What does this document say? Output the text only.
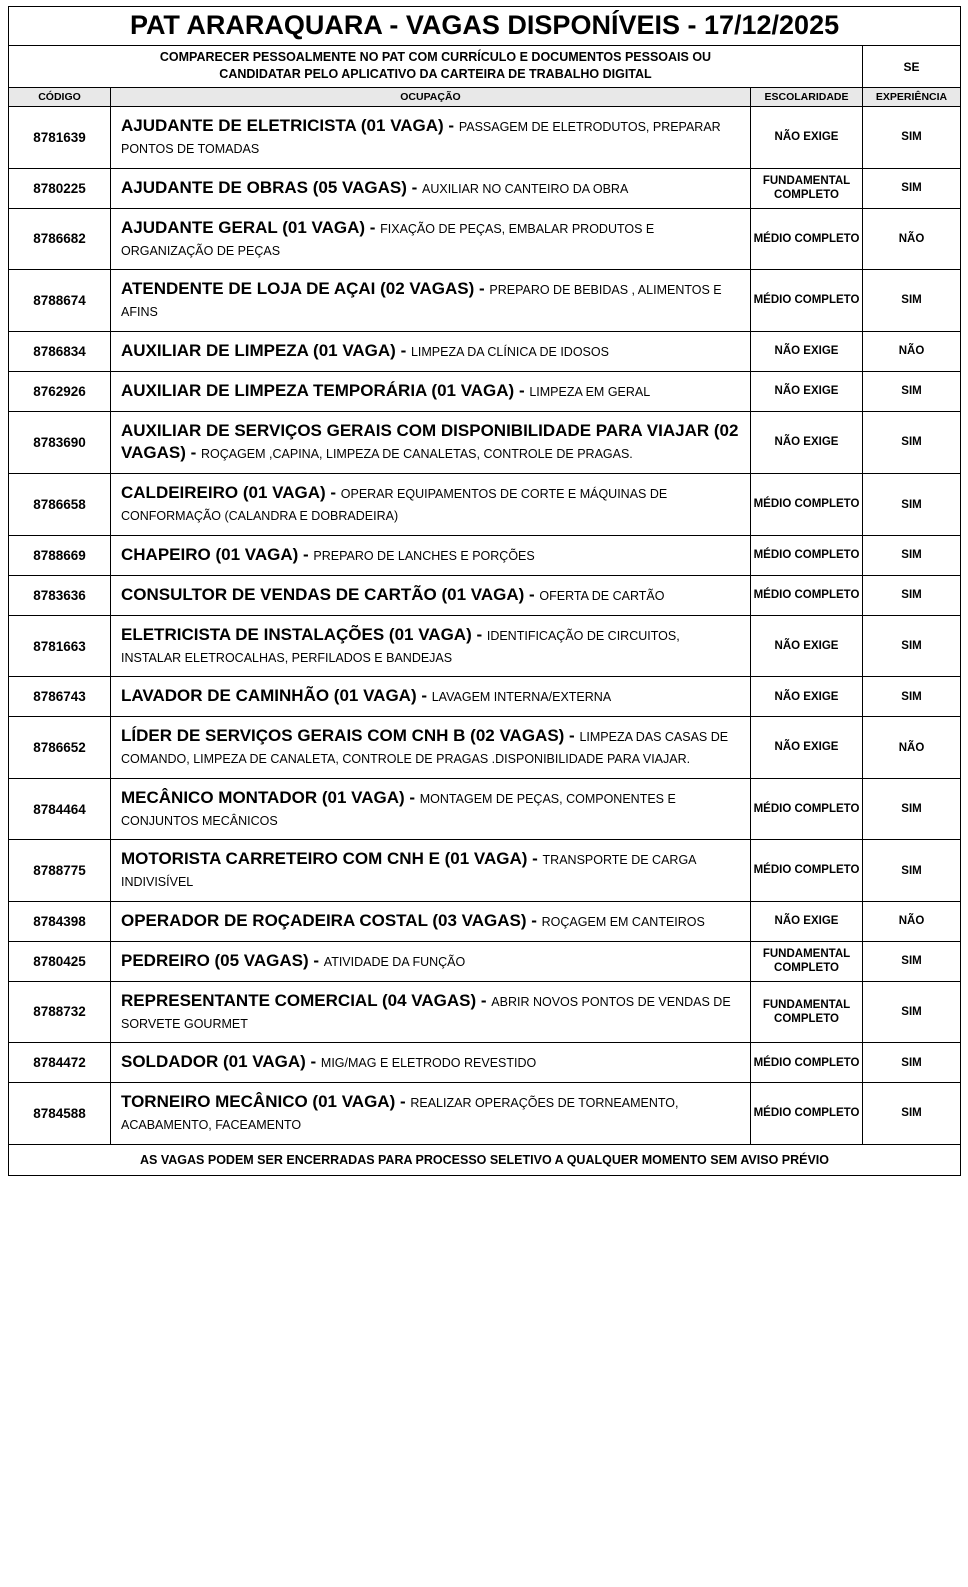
PAT ARARAQUARA - VAGAS DISPONÍVEIS - 17/12/2025			

COMPARECER PESSOALMENTE NO PAT COM CURRÍCULO E DOCUMENTOS PESSOAIS OU
CANDIDATAR PELO APLICATIVO DA CARTEIRA DE TRABALHO DIGITAL			SE
CÓDIGO	OCUPAÇÃO	ESCOLARIDADE	EXPERIÊNCIA
8781639	AJUDANTE DE ELETRICISTA (01 VAGA) - PASSAGEM DE ELETRODUTOS, PREPARAR PONTOS DE TOMADAS	NÃO EXIGE	SIM
8780225	AJUDANTE DE OBRAS (05 VAGAS) - AUXILIAR NO CANTEIRO DA OBRA	FUNDAMENTAL COMPLETO	SIM
8786682	AJUDANTE GERAL (01 VAGA) - FIXAÇÃO DE PEÇAS, EMBALAR PRODUTOS E ORGANIZAÇÃO DE PEÇAS	MÉDIO COMPLETO	NÃO
8788674	ATENDENTE DE LOJA DE AÇAI (02 VAGAS) - PREPARO DE BEBIDAS , ALIMENTOS E AFINS	MÉDIO COMPLETO	SIM
8786834	AUXILIAR DE LIMPEZA (01 VAGA) - LIMPEZA DA CLÍNICA DE IDOSOS	NÃO EXIGE	NÃO
8762926	AUXILIAR DE LIMPEZA TEMPORÁRIA (01 VAGA) - LIMPEZA EM GERAL	NÃO EXIGE	SIM
8783690	AUXILIAR DE SERVIÇOS GERAIS COM DISPONIBILIDADE PARA VIAJAR (02 VAGAS) - ROÇAGEM ,CAPINA, LIMPEZA DE CANALETAS, CONTROLE DE PRAGAS.	NÃO EXIGE	SIM
8786658	CALDEIREIRO (01 VAGA) - OPERAR EQUIPAMENTOS DE CORTE E MÁQUINAS DE CONFORMAÇÃO (CALANDRA E DOBRADEIRA)	MÉDIO COMPLETO	SIM
8788669	CHAPEIRO (01 VAGA) - PREPARO DE LANCHES E PORÇÕES	MÉDIO COMPLETO	SIM
8783636	CONSULTOR DE VENDAS DE CARTÃO (01 VAGA) - OFERTA DE CARTÃO	MÉDIO COMPLETO	SIM
8781663	ELETRICISTA DE INSTALAÇÕES (01 VAGA) - IDENTIFICAÇÃO DE CIRCUITOS, INSTALAR ELETROCALHAS, PERFILADOS E BANDEJAS	NÃO EXIGE	SIM
8786743	LAVADOR DE CAMINHÃO (01 VAGA) - LAVAGEM INTERNA/EXTERNA	NÃO EXIGE	SIM
8786652	LÍDER DE SERVIÇOS GERAIS COM CNH B (02 VAGAS) - LIMPEZA DAS CASAS DE COMANDO, LIMPEZA DE CANALETA, CONTROLE DE PRAGAS .DISPONIBILIDADE PARA VIAJAR.	NÃO EXIGE	NÃO
8784464	MECÂNICO MONTADOR (01 VAGA) - MONTAGEM DE PEÇAS, COMPONENTES E CONJUNTOS MECÂNICOS	MÉDIO COMPLETO	SIM
8788775	MOTORISTA CARRETEIRO COM CNH E (01 VAGA) - TRANSPORTE DE CARGA INDIVISÍVEL	MÉDIO COMPLETO	SIM
8784398	OPERADOR DE ROÇADEIRA COSTAL (03 VAGAS) - ROÇAGEM EM CANTEIROS	NÃO EXIGE	NÃO
8780425	PEDREIRO (05 VAGAS) - ATIVIDADE DA FUNÇÃO	FUNDAMENTAL COMPLETO	SIM
8788732	REPRESENTANTE COMERCIAL (04 VAGAS) - ABRIR NOVOS PONTOS DE VENDAS DE SORVETE GOURMET	FUNDAMENTAL COMPLETO	SIM
8784472	SOLDADOR (01 VAGA) - MIG/MAG E ELETRODO REVESTIDO	MÉDIO COMPLETO	SIM
8784588	TORNEIRO MECÂNICO (01 VAGA) - REALIZAR OPERAÇÕES DE TORNEAMENTO, ACABAMENTO, FACEAMENTO	MÉDIO COMPLETO	SIM
AS VAGAS PODEM SER ENCERRADAS PARA PROCESSO SELETIVO A QUALQUER MOMENTO SEM AVISO PRÉVIO			
